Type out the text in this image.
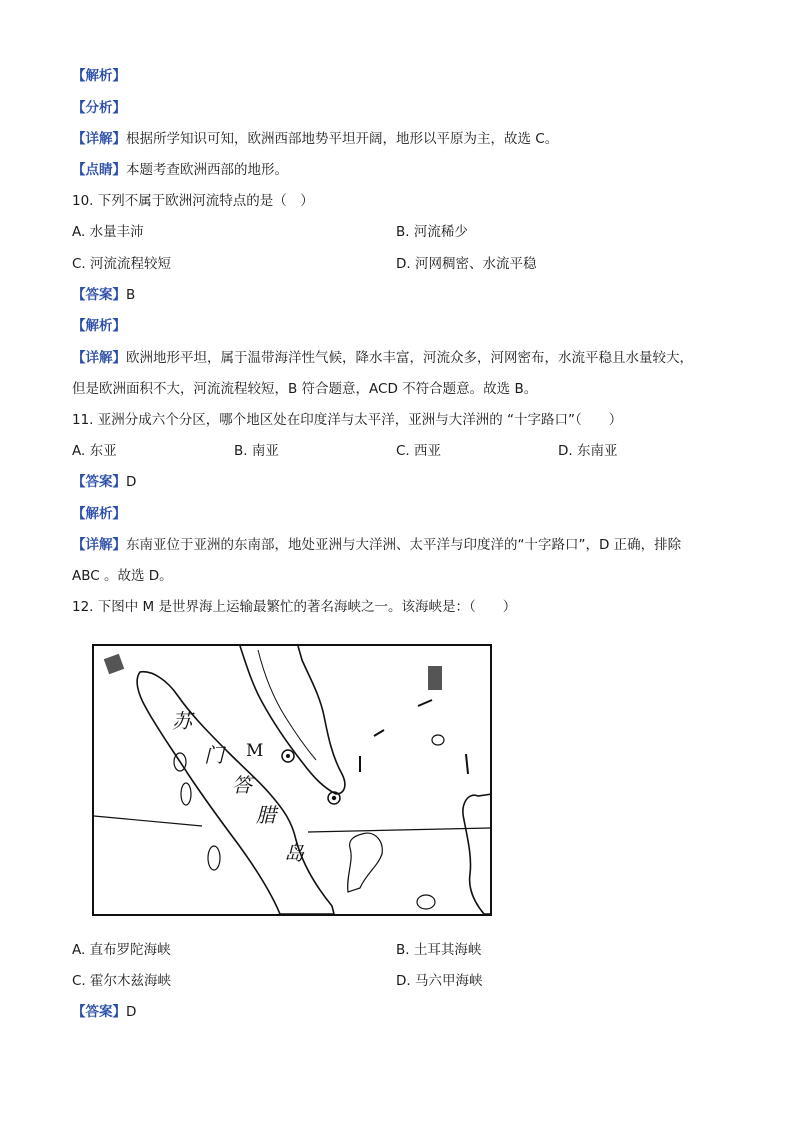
【解析】
【分析】
【详解】根据所学知识可知，欧洲西部地势平坦开阔，地形以平原为主，故选 C。
【点睛】本题考查欧洲西部的地形。
10. 下列不属于欧洲河流特点的是（　）
A. 水量丰沛	B. 河流稀少
C. 河流流程较短	D. 河网稠密、水流平稳
【答案】B
【解析】
【详解】欧洲地形平坦，属于温带海洋性气候，降水丰富，河流众多，河网密布，水流平稳且水量较大，
但是欧洲面积不大，河流流程较短，B 符合题意，ACD 不符合题意。故选 B。
11. 亚洲分成六个分区，哪个地区处在印度洋与太平洋，亚洲与大洋洲的 “十字路口”（　　）
A. 东亚	B. 南亚	C. 西亚	D. 东南亚
【答案】D
【解析】
【详解】东南亚位于亚洲的东南部，地处亚洲与大洋洲、太平洋与印度洋的“十字路口”，D 正确，排除
ABC 。故选 D。
12. 下图中 M 是世界海上运输最繁忙的著名海峡之一。该海峡是：（　　）
苏
门
答
腊
岛
M
A. 直布罗陀海峡	B. 土耳其海峡
C. 霍尔木兹海峡	D. 马六甲海峡
【答案】D
